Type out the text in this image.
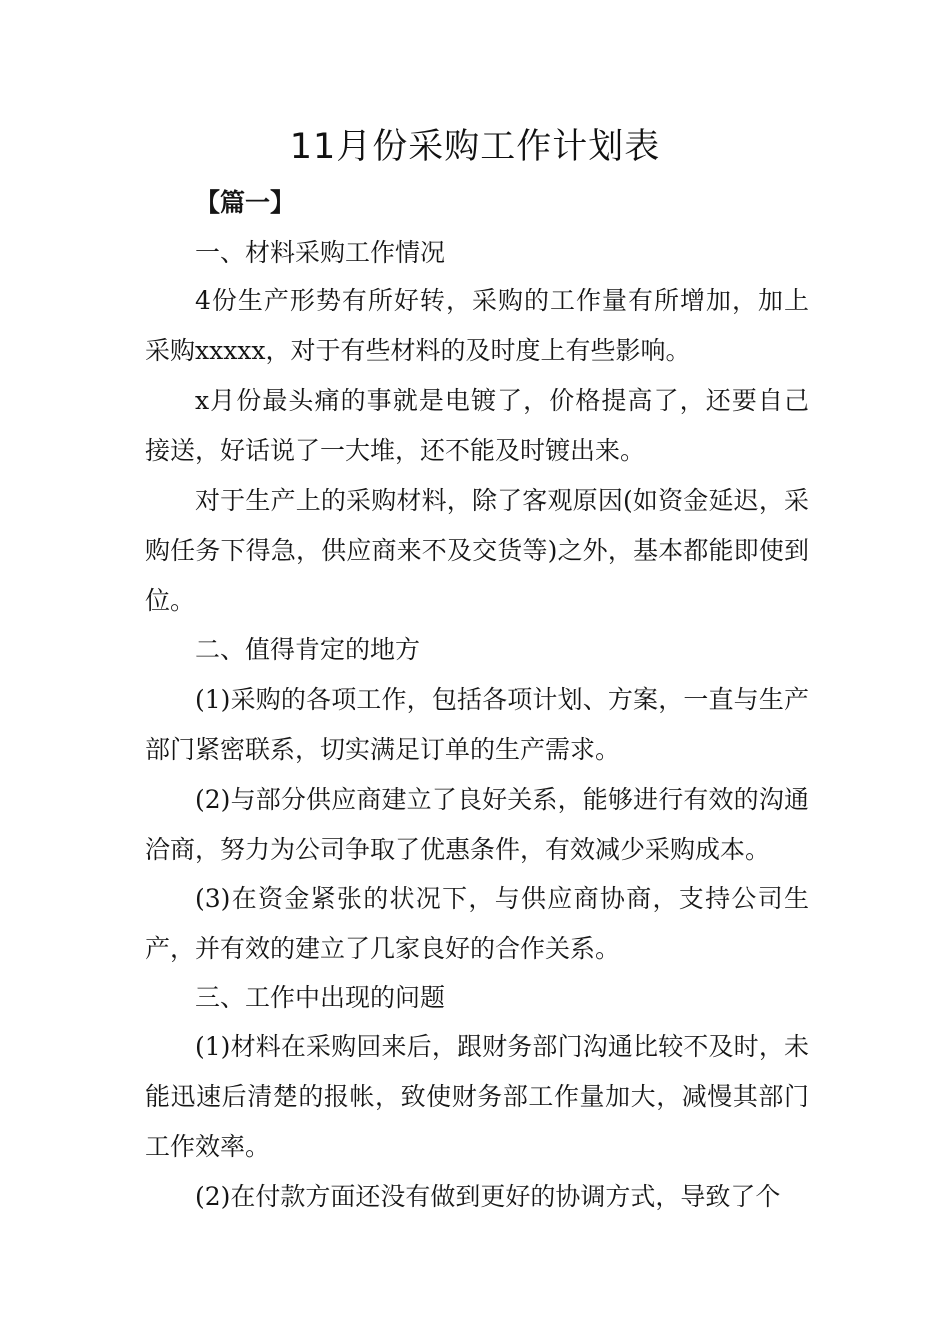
11月份采购工作计划表

【篇一】

一、材料采购工作情况

4份生产形势有所好转，采购的工作量有所增加，加上采购xxxxx，对于有些材料的及时度上有些影响。

x月份最头痛的事就是电镀了，价格提高了，还要自己接送，好话说了一大堆，还不能及时镀出来。

对于生产上的采购材料，除了客观原因(如资金延迟，采购任务下得急，供应商来不及交货等)之外，基本都能即使到位。

二、值得肯定的地方

(1)采购的各项工作，包括各项计划、方案，一直与生产部门紧密联系，切实满足订单的生产需求。

(2)与部分供应商建立了良好关系，能够进行有效的沟通洽商，努力为公司争取了优惠条件，有效减少采购成本。

(3)在资金紧张的状况下，与供应商协商，支持公司生产，并有效的建立了几家良好的合作关系。

三、工作中出现的问题

(1)材料在采购回来后，跟财务部门沟通比较不及时，未能迅速后清楚的报帐，致使财务部工作量加大，减慢其部门工作效率。

(2)在付款方面还没有做到更好的协调方式，导致了个
